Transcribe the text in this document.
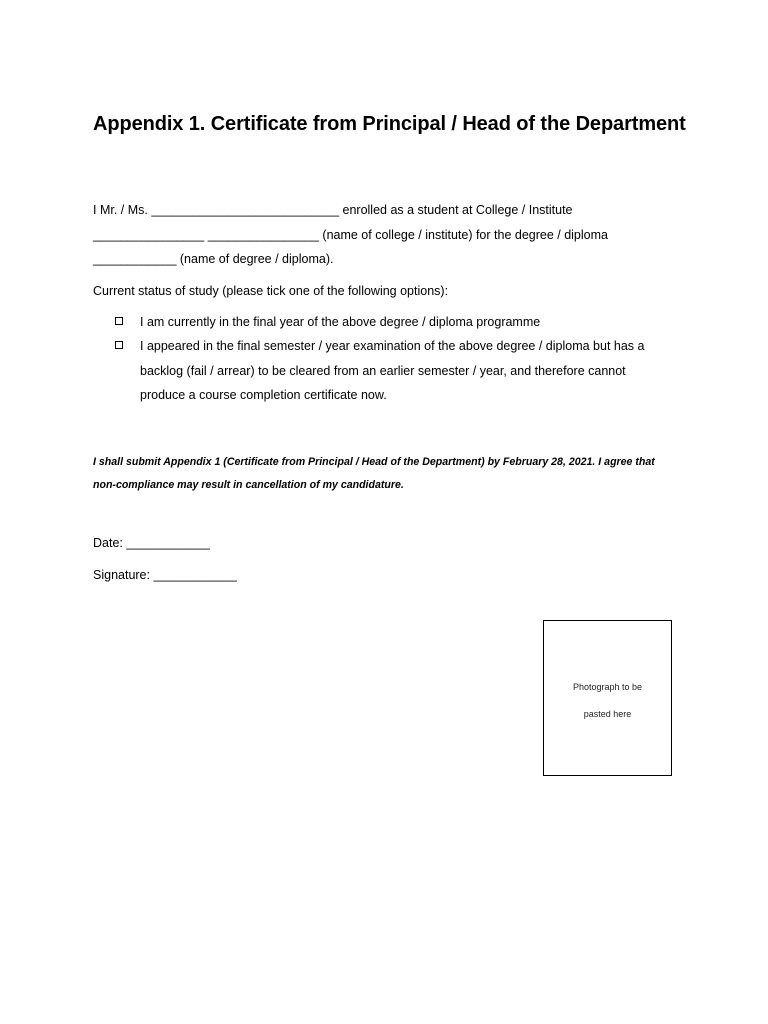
Appendix 1. Certificate from Principal / Head of the Department

I Mr. / Ms. ___________________________ enrolled as a student at College / Institute ________________ ________________ (name of college / institute) for the degree / diploma ____________ (name of degree / diploma).

Current status of study (please tick one of the following options):

I am currently in the final year of the above degree / diploma programme
I appeared in the final semester / year examination of the above degree / diploma but has a backlog (fail / arrear) to be cleared from an earlier semester / year, and therefore cannot produce a course completion certificate now.

I shall submit Appendix 1 (Certificate from Principal / Head of the Department) by February 28, 2021. I agree that non-compliance may result in cancellation of my candidature.

Date: ____________
Signature: ____________
Photograph to be
pasted here
